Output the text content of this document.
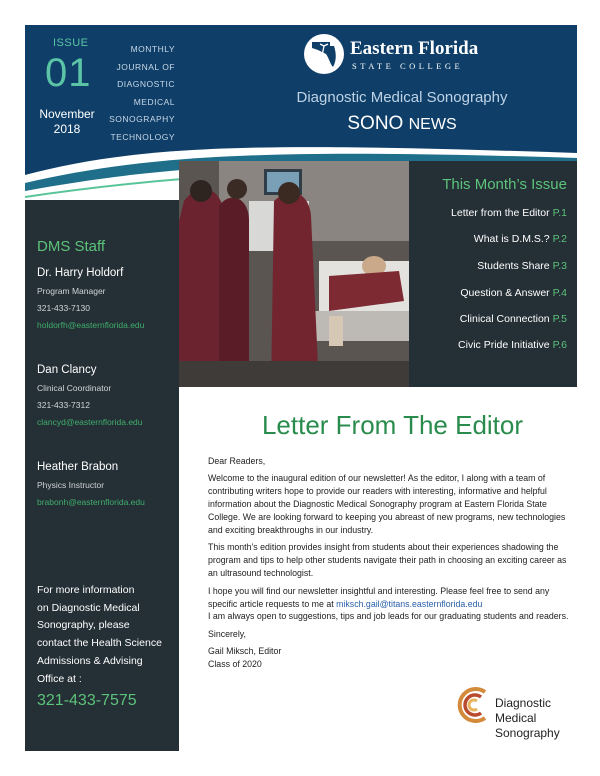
ISSUE
01
November
2018
MONTHLY
JOURNAL OF
DIAGNOSTIC
MEDICAL
SONOGRAPHY
TECHNOLOGY
Eastern Florida
STATE COLLEGE
Diagnostic Medical Sonography
SONO NEWS
DMS Staff
Dr. Harry Holdorf
Program Manager
321-433-7130
holdorfh@easternflorida.edu
Dan Clancy
Clinical Coordinator
321-433-7312
clancyd@easternflorida.edu
Heather Brabon
Physics Instructor
brabonh@easternflorida.edu
For more information
on Diagnostic Medical
Sonography, please
contact the Health Science
Admissions & Advising
Office at :
321-433-7575
This Month’s Issue
Letter from the Editor P.1
What is D.M.S.? P.2
Students Share P.3
Question & Answer P.4
Clinical Connection P.5
Civic Pride Initiative P.6
Letter From The Editor

Dear Readers,

Welcome to the inaugural edition of our newsletter! As the editor, I along with a team of contributing writers hope to provide our readers with interesting, informative and helpful information about the Diagnostic Medical Sonography program at Eastern Florida State College. We are looking forward to keeping you abreast of new programs, new technologies and exciting breakthroughs in our industry.

This month’s edition provides insight from students about their experiences shadowing the program and tips to help other students navigate their path in choosing an exciting career as an ultrasound technologist.

I hope you will find our newsletter insightful and interesting. Please feel free to send any specific article requests to me at miksch.gail@titans.easternflorida.edu
I am always open to suggestions, tips and job leads for our graduating students and readers.

Sincerely,

Gail Miksch, Editor
Class of 2020
Diagnostic
Medical
Sonography
